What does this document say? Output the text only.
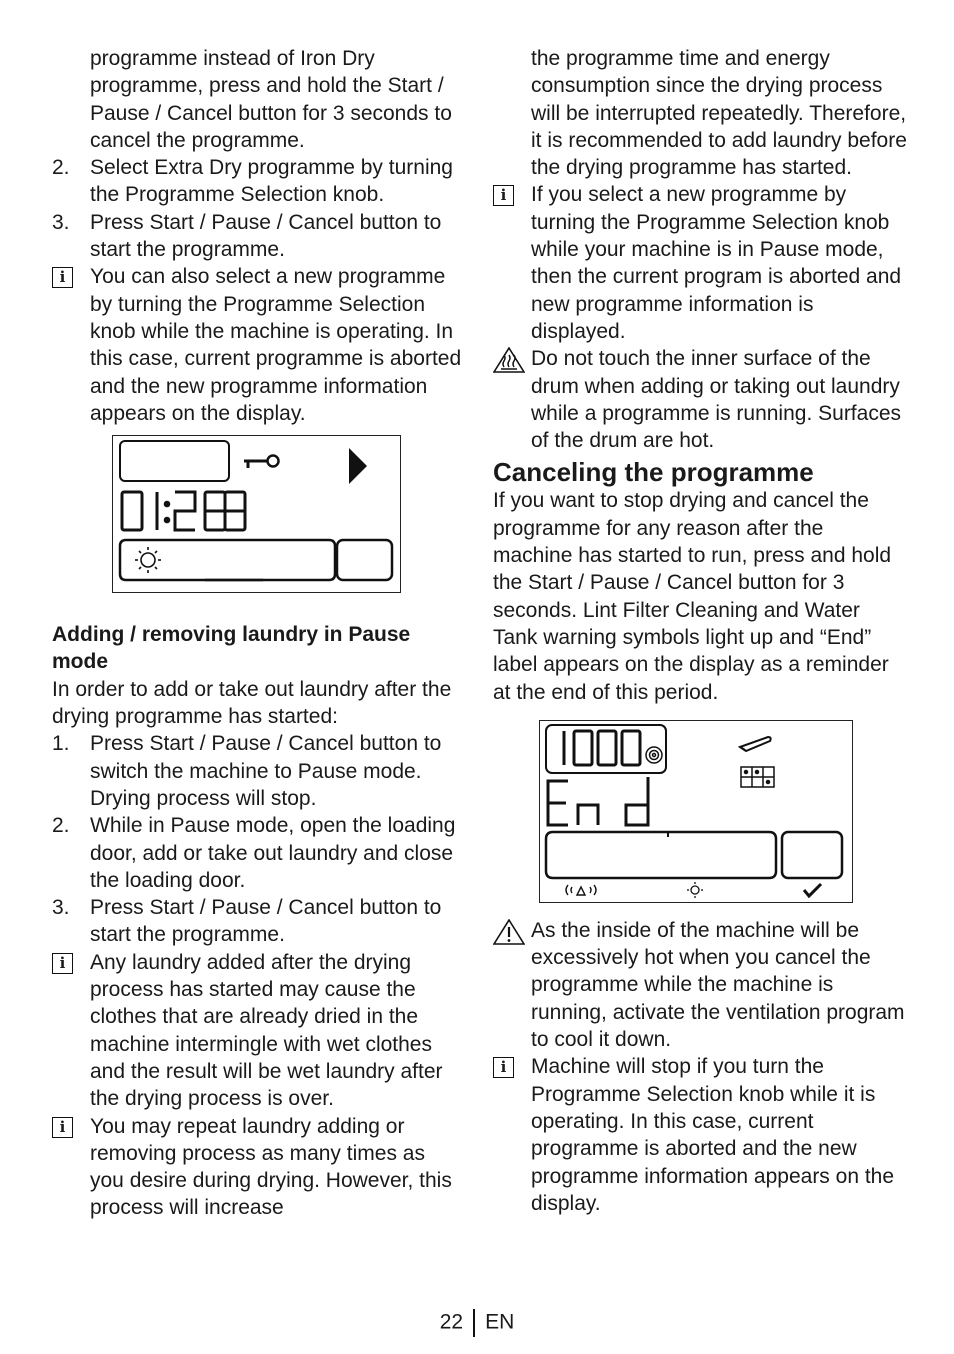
programme instead of Iron Dry programme, press and hold the Start / Pause / Cancel button for 3 seconds to cancel the programme.
2. Select Extra Dry programme by turning the Programme Selection knob.
3. Press Start / Pause / Cancel button to start the programme.
i	You can also select a new programme by turning the Programme Selection knob while the machine is operating. In this case, current programme is aborted and the new programme information appears on the display.
Adding / removing laundry in Pause mode
In order to add or take out laundry after the drying programme has started:
1. Press Start / Pause / Cancel button to switch the machine to Pause mode. Drying process will stop.
2. While in Pause mode, open the loading door, add or take out laundry and close the loading door.
3. Press Start / Pause / Cancel button to start the programme.
i	Any laundry added after the drying process has started may cause the clothes that are already dried in the machine intermingle with wet clothes and the result will be wet laundry after the drying process is over.
i	You may repeat laundry adding or removing process as many times as you desire during drying. However, this process will increase
the programme time and energy consumption since the drying process will be interrupted repeatedly. Therefore, it is recommended to add laundry before the drying programme has started.
i	If you select a new programme by turning the Programme Selection knob while your machine is in Pause mode, then the current program is aborted and new programme information is displayed.
Do not touch the inner surface of the drum when adding or taking out laundry while a programme is running. Surfaces of the drum are hot.
Canceling the programme
If you want to stop drying and cancel the programme for any reason after the machine has started to run, press and hold the Start / Pause / Cancel button for 3 seconds. Lint Filter Cleaning and Water Tank warning symbols light up and “End” label appears on the display as a reminder at the end of this period.
As the inside of the machine will be excessively hot when you cancel the programme while the machine is running, activate the ventilation program to cool it down.
i	Machine will stop if you turn the Programme Selection knob while it is operating. In this case, current programme is aborted and the new programme information appears on the display.
22 EN
